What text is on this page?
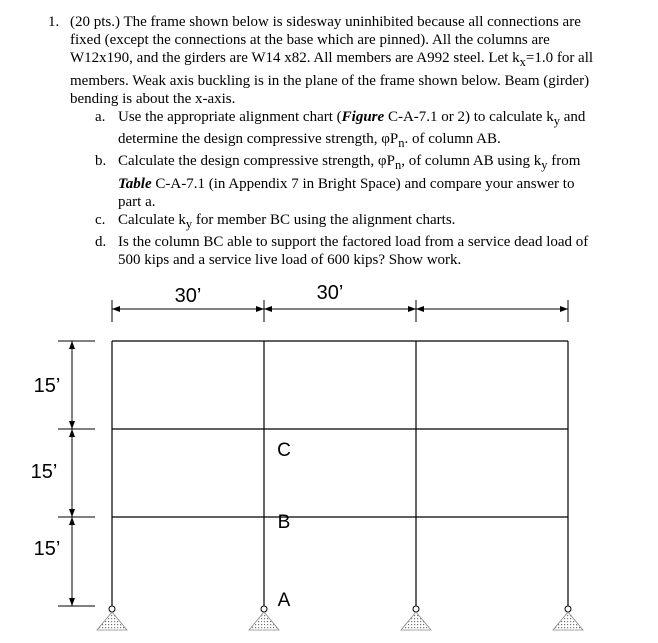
1. (20 pts.) The frame shown below is sidesway uninhibited because all connections are fixed (except the connections at the base which are pinned). All the columns are W12x190, and the girders are W14 x82. All members are A992 steel. Let $k_x=1.0$ for all members. Weak axis buckling is in the plane of the frame shown below. Beam (girder) bending is about the x-axis.
a. Use the appropriate alignment chart (Figure C-A-7.1 or 2) to calculate $k_y$ and determine the design compressive strength, $\varphi P_n$. of column AB.
b. Calculate the design compressive strength, $\varphi P_n$, of column AB using $k_y$ from Table C-A-7.1 (in Appendix 7 in Bright Space) and compare your answer to part a.
c. Calculate $k_y$ for member BC using the alignment charts.
d. Is the column BC able to support the factored load from a service dead load of 500 kips and a service live load of 600 kips? Show work.
30’	30’
15’
15’
15’
C
B
A
